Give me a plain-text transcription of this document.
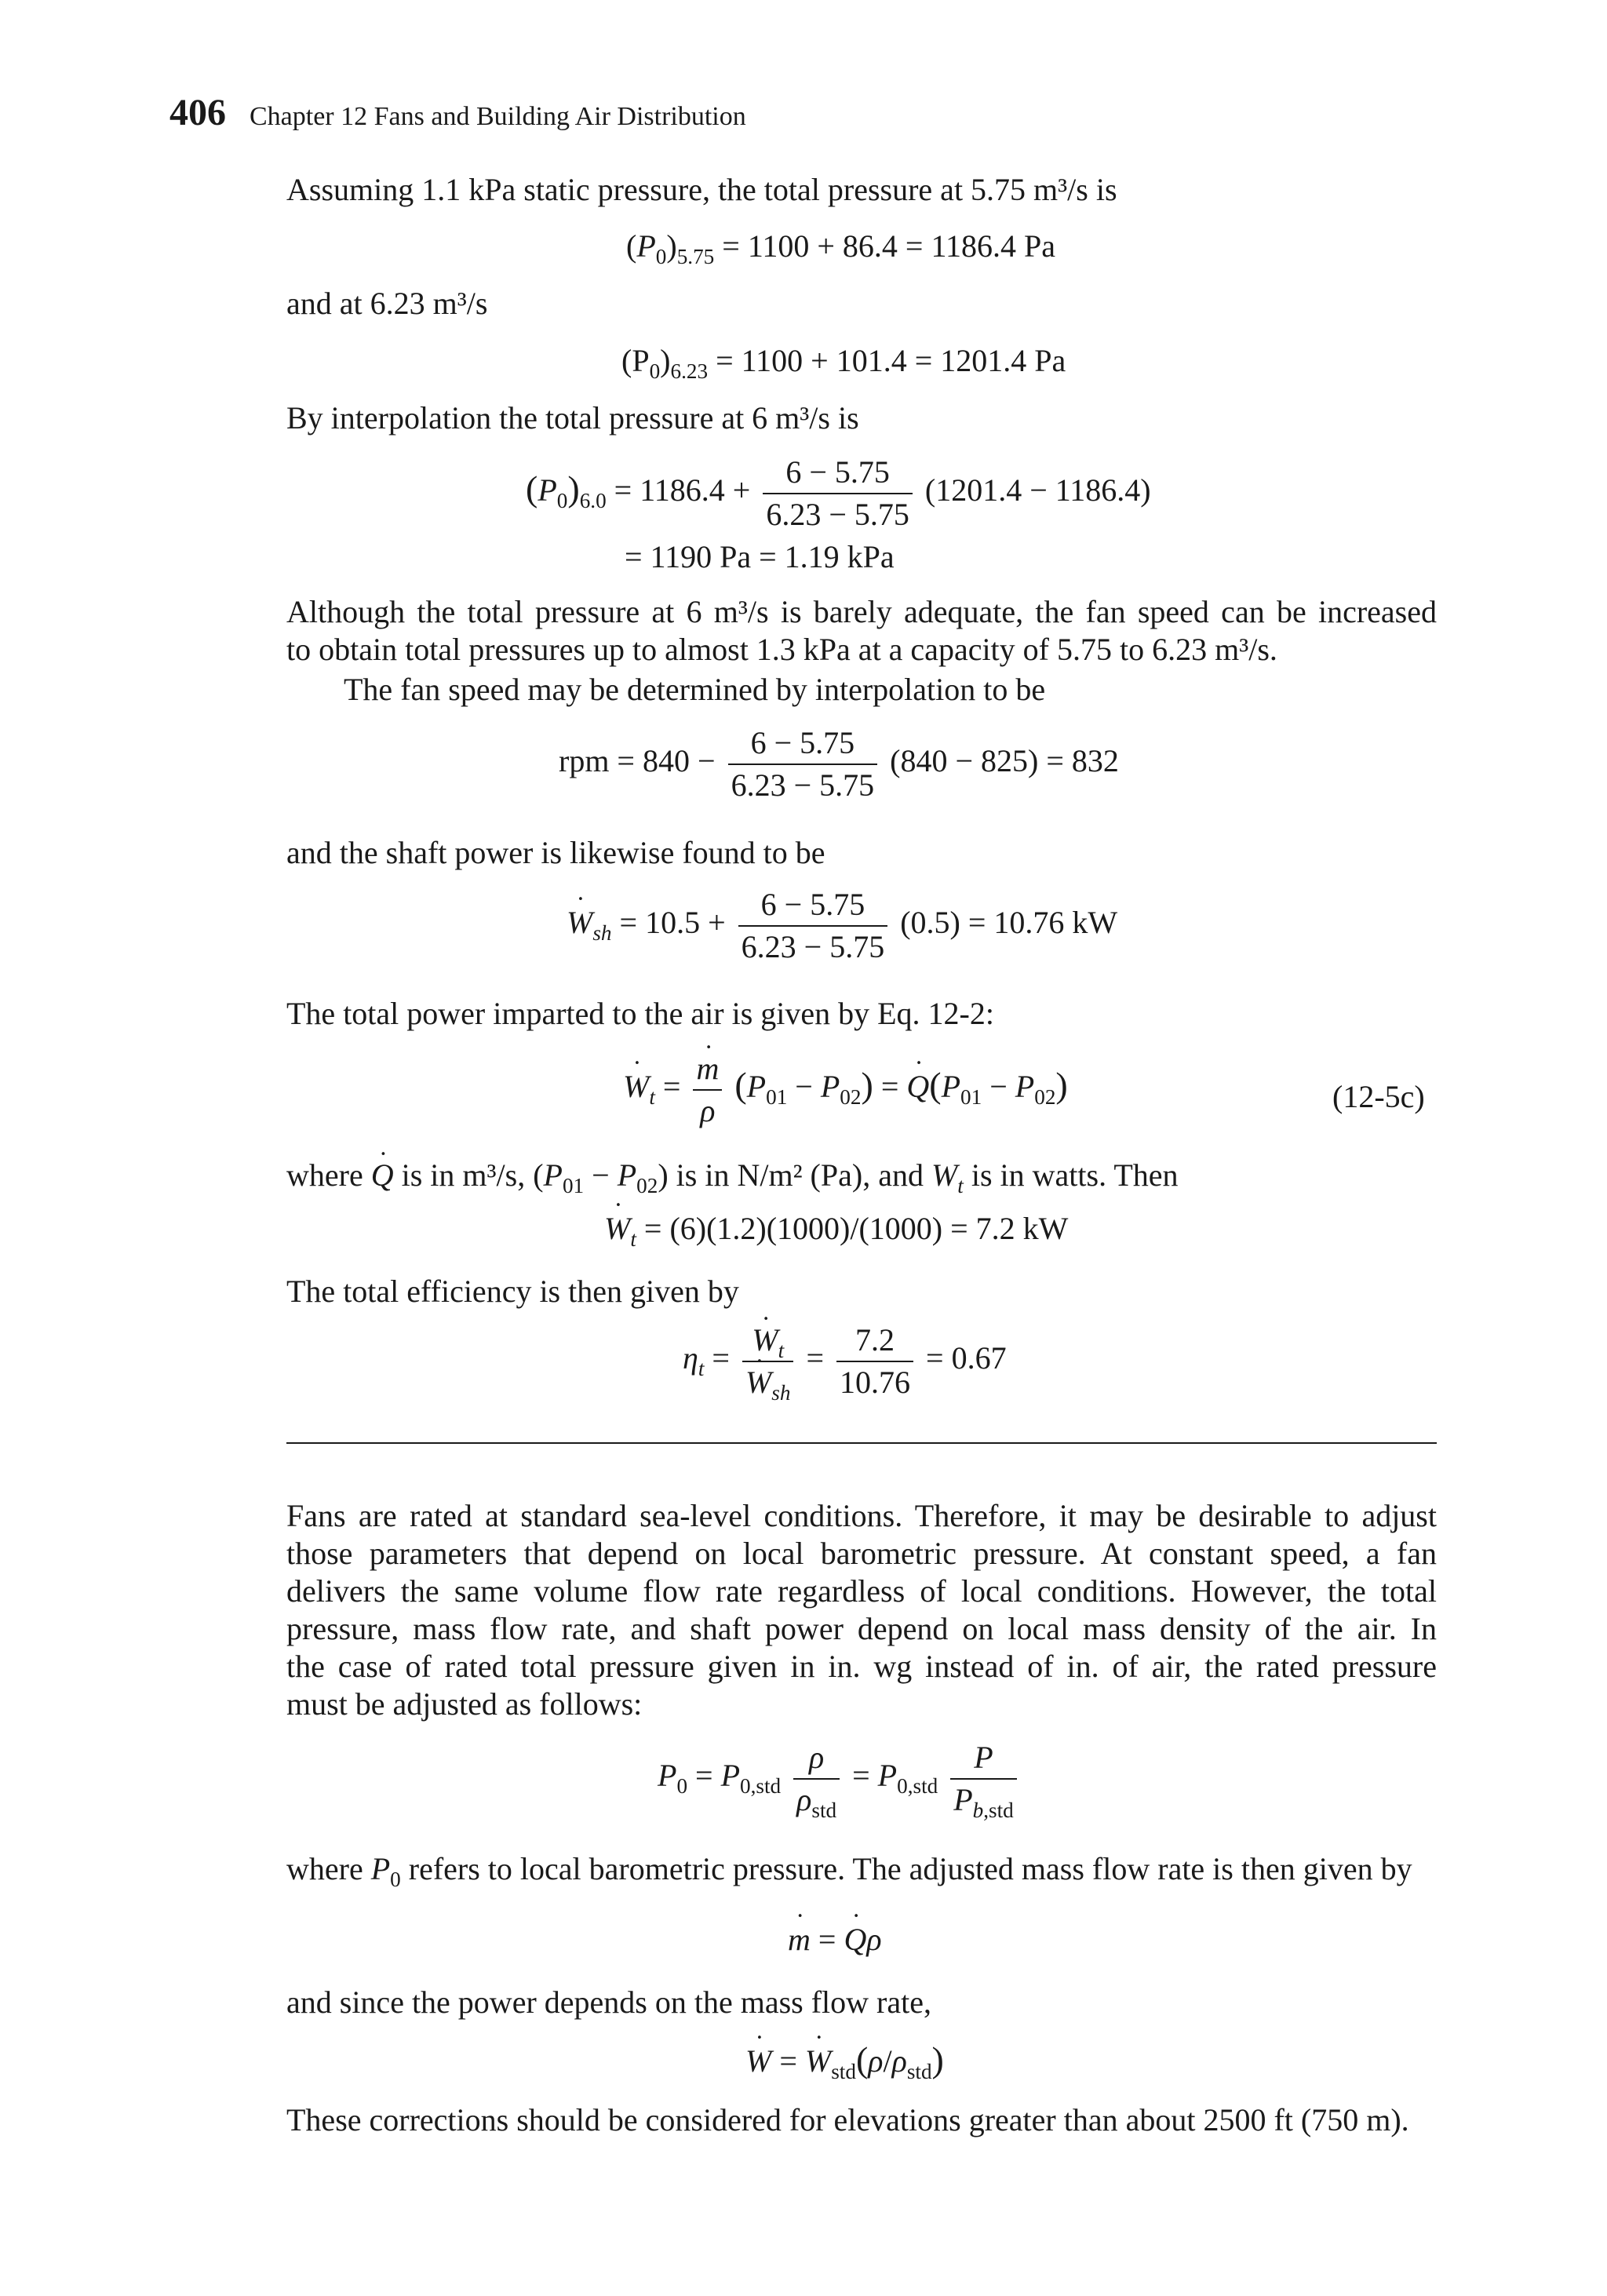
406 Chapter 12 Fans and Building Air Distribution
Assuming 1.1 kPa static pressure, the total pressure at 5.75 m³/s is
$(P_0)_{5.75} = 1100 + 86.4 = 1186.4$ Pa
and at 6.23 m³/s
$(P_0)_{6.23} = 1100 + 101.4 = 1201.4$ Pa
By interpolation the total pressure at 6 m³/s is
$(P_0)_{6.0} = 1186.4 + \frac{6 - 5.75}{6.23 - 5.75} (1201.4 - 1186.4)$
= 1190 Pa = 1.19 kPa
Although the total pressure at 6 m³/s is barely adequate, the fan speed can be increased
to obtain total pressures up to almost 1.3 kPa at a capacity of 5.75 to 6.23 m³/s.
The fan speed may be determined by interpolation to be
rpm = $840 - \frac{6 - 5.75}{6.23 - 5.75} (840 - 825) = 832$
and the shaft power is likewise found to be
˙ $W_{sh} = 10.5 + \frac{6 - 5.75}{6.23 - 5.75} (0.5) = 10.76$ kW
The total power imparted to the air is given by Eq. 12-2:
˙ $W_t$ = ˙ $\frac{m}{\rho} (P_{01} - P_{02})$ = ˙ $Q(P_{01} - P_{02})$	(12-5c)
where ˙ Q is in m³/s, $(P_{01} - P_{02})$ is in N/m² (Pa), and $W_t$ is in watts. Then
˙ $W_t = (6)(1.2)(1000)/(1000) = 7.2$ kW
The total efficiency is then given by
$\eta_t$ = ˙ $W_t$
˙ $W_{sh} = \frac{7.2}{10.76} = 0.67$
Fans are rated at standard sea-level conditions. Therefore, it may be desirable to adjust
those parameters that depend on local barometric pressure. At constant speed, a fan
delivers the same volume flow rate regardless of local conditions. However, the total
pressure, mass flow rate, and shaft power depend on local mass density of the air. In
the case of rated total pressure given in in. wg instead of in. of air, the rated pressure
must be adjusted as follows:
$P_0 = P_{0,std} \frac{\rho}{\rho_{std}} = P_{0,std} \frac{P}{P_{b,std}}$
where $P_0$ refers to local barometric pressure. The adjusted mass flow rate is then given by
˙ m = ˙ Qρ
and since the power depends on the mass flow rate,
˙ W = ˙ $W_{std}(\rho/\rho_{std})$
These corrections should be considered for elevations greater than about 2500 ft (750 m).
